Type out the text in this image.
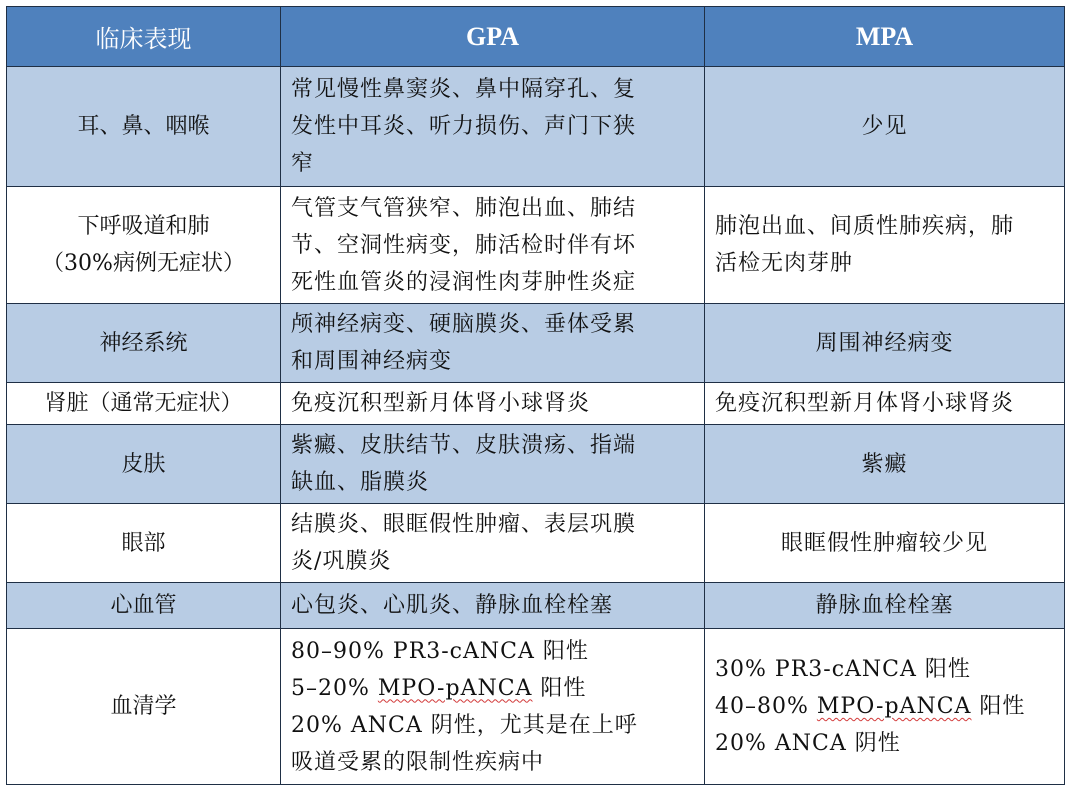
临床表现	GPA	MPA
耳、鼻、咽喉	常见慢性鼻窦炎、鼻中隔穿孔、复
发性中耳炎、听力损伤、声门下狭
窄	少见

下呼吸道和肺
（30%病例无症状）	气管支气管狭窄、肺泡出血、肺结
节、空洞性病变，肺活检时伴有坏
死性血管炎的浸润性肉芽肿性炎症	肺泡出血、间质性肺疾病，肺
活检无肉芽肿

神经系统	颅神经病变、硬脑膜炎、垂体受累
和周围神经病变	周围神经病变

肾脏（通常无症状）	免疫沉积型新月体肾小球肾炎	免疫沉积型新月体肾小球肾炎

皮肤	紫癜、皮肤结节、皮肤溃疡、指端
缺血、脂膜炎	紫癜

眼部	结膜炎、眼眶假性肿瘤、表层巩膜
炎/巩膜炎	眼眶假性肿瘤较少见

心血管	心包炎、心肌炎、静脉血栓栓塞	静脉血栓栓塞

血清学	80–90% PR3-cANCA 阳性
5–20% MPO-pANCA 阳性
20% ANCA 阴性，尤其是在上呼
吸道受累的限制性疾病中	30% PR3-cANCA 阳性
40–80% MPO-pANCA 阳性
20% ANCA 阴性
